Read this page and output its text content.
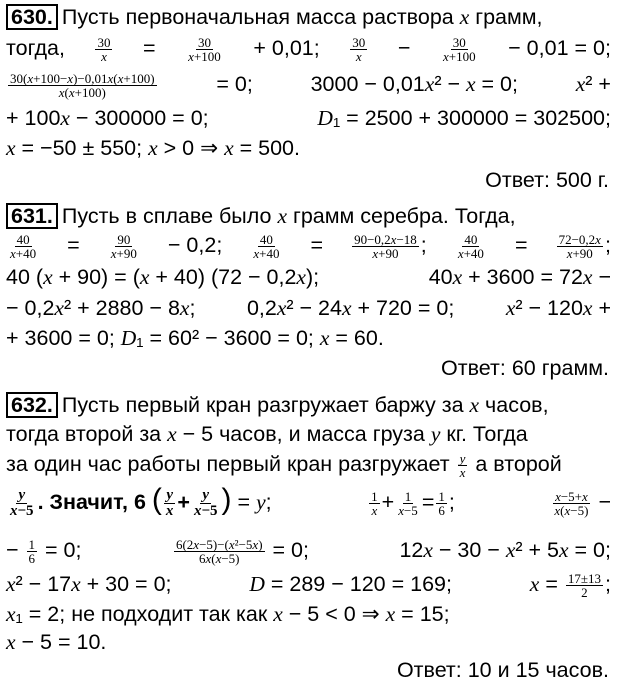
630. Пусть первоначальная масса раствора x грамм,
тогда, $\frac{30}{x} = \frac{30}{x+100} + 0,01$; $\frac{30}{x} - \frac{30}{x+100} - 0,01 = 0$;
$\frac{30(x+100-x)-0,01x(x+100)}{x(x+100)}$	= 0;	3000 − 0,01x² − x = 0;	x² +
+ 100x − 300000 = 0;	D₁ = 2500 + 300000 = 302500;
x = −50 ± 550; x > 0 ⇒ x = 500.
Ответ: 500 г.
631. Пусть в сплаве было x грамм серебра. Тогда,
$\frac{40}{x+40} = \frac{90}{x+90} - 0,2$; $\frac{40}{x+40} = \frac{90-0,2x-18}{x+90}$ ; $\frac{40}{x+40} = \frac{72-0,2x}{x+90}$ ;
40 (x + 90) = (x + 40) (72 − 0,2x);	40x + 3600 = 72x −
− 0,2x² + 2880 − 8x; 0,2x² − 24x + 720 = 0; x² − 120x +
+ 3600 = 0; D₁ = 60² − 3600 = 0; x = 60.
Ответ: 60 грамм.
632. Пусть первый кран разгружает баржу за x часов,
тогда второй за x − 5 часов, и масса груза y кг. Тогда
за один час работы первый кран разгружает $\frac{y}{x}$ а второй
$\frac{y}{x-5}$ . Значит, 6 ( $\frac{y}{x} + \frac{y}{x-5}$ ) = y;	$\frac{1}{x} + \frac{1}{x-5} = \frac{1}{6}$ ;	$\frac{x-5+x}{x(x-5)}$ −
− $\frac{1}{6} = 0$;	$\frac{\text{6(2x−5)−(x²−5x)}}{6x(x-5)} = 0$;	12x − 30 − x² + 5x = 0;
x² − 17x + 30 = 0;	D = 289 − 120 = 169;	$x = \frac{17\pm 13}{2}$ ;
x₁ = 2; не подходит так как x − 5 < 0 ⇒ x = 15;
x − 5 = 10.
Ответ: 10 и 15 часов.
